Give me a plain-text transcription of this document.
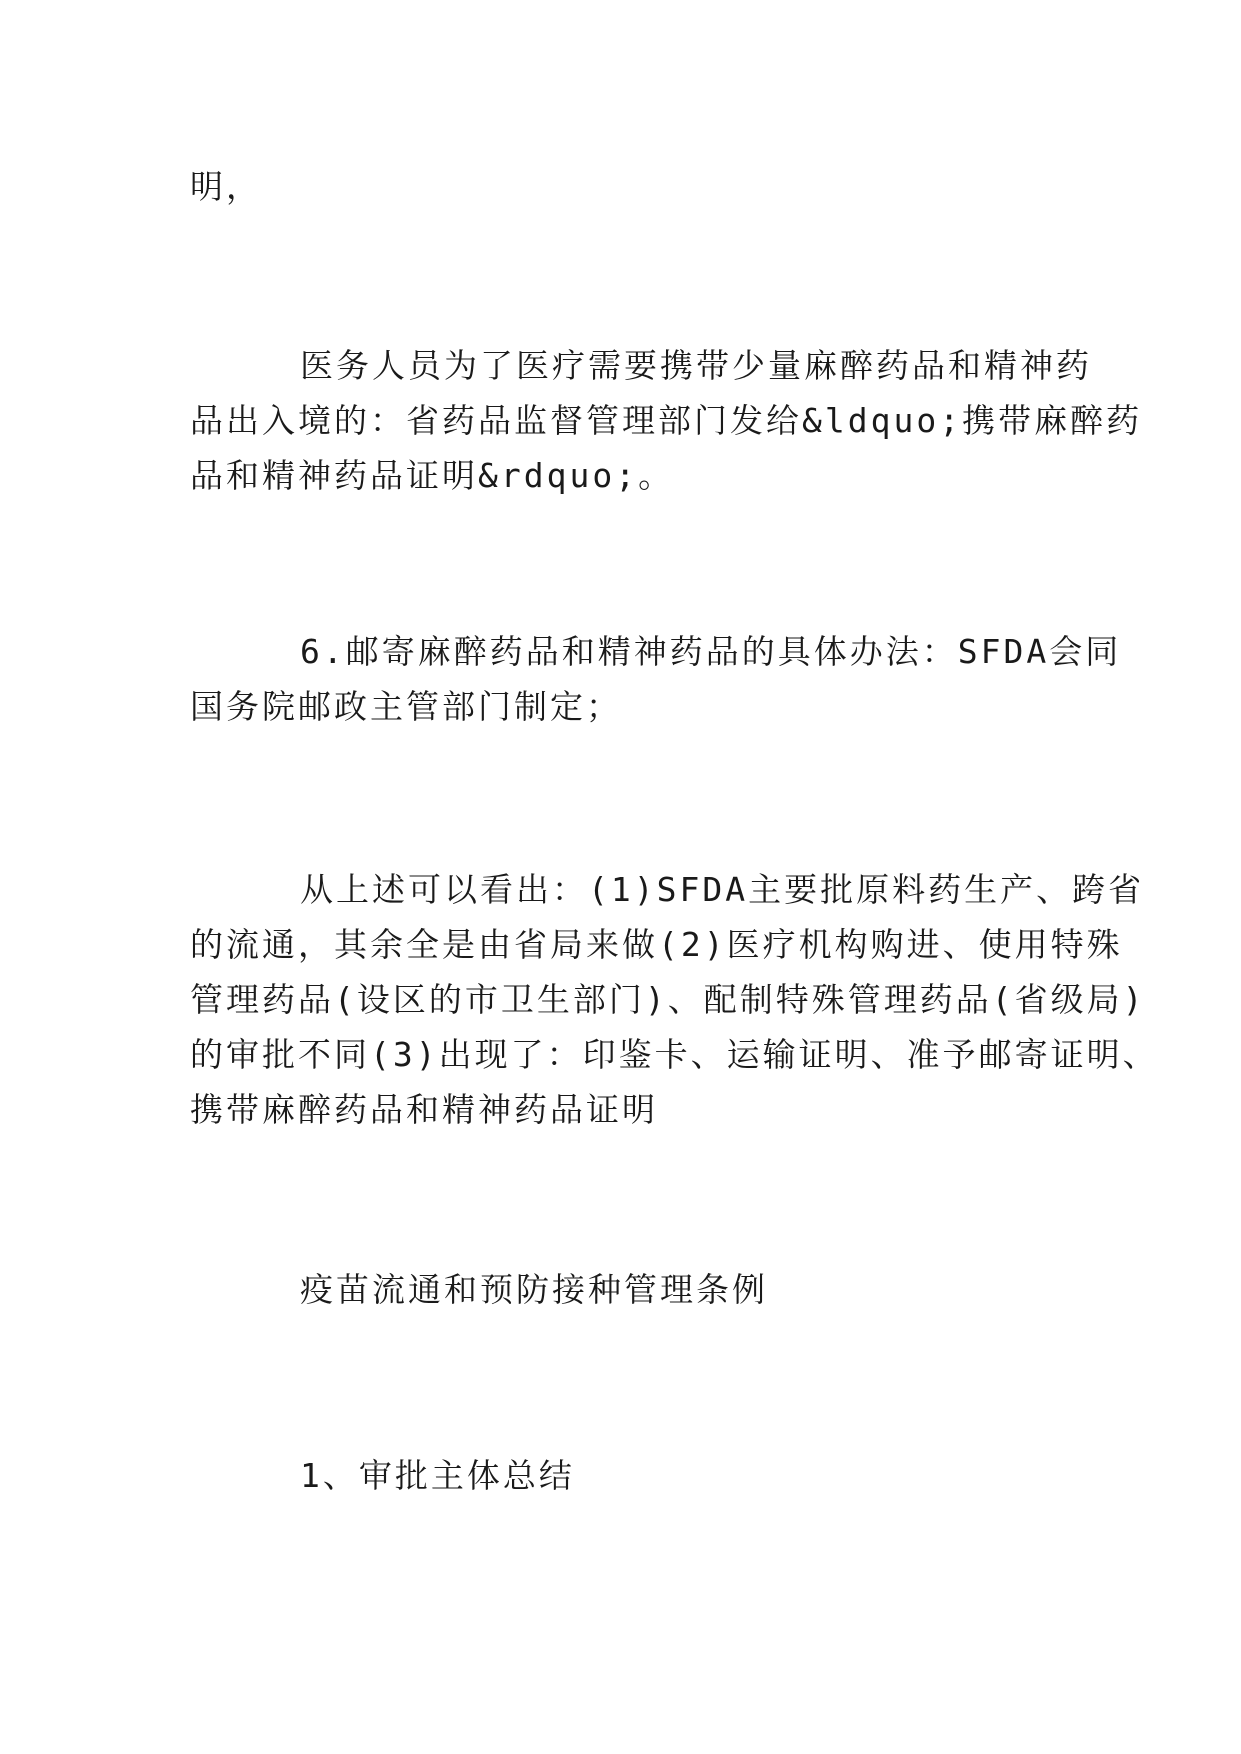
明，

医务人员为了医疗需要携带少量麻醉药品和精神药
品出入境的：省药品监督管理部门发给&ldquo;携带麻醉药
品和精神药品证明&rdquo;。

6.邮寄麻醉药品和精神药品的具体办法：SFDA会同
国务院邮政主管部门制定；

从上述可以看出：(1)SFDA主要批原料药生产、跨省
的流通，其余全是由省局来做(2)医疗机构购进、使用特殊
管理药品(设区的市卫生部门)、配制特殊管理药品(省级局)
的审批不同(3)出现了：印鉴卡、运输证明、准予邮寄证明、
携带麻醉药品和精神药品证明

疫苗流通和预防接种管理条例

1、审批主体总结
